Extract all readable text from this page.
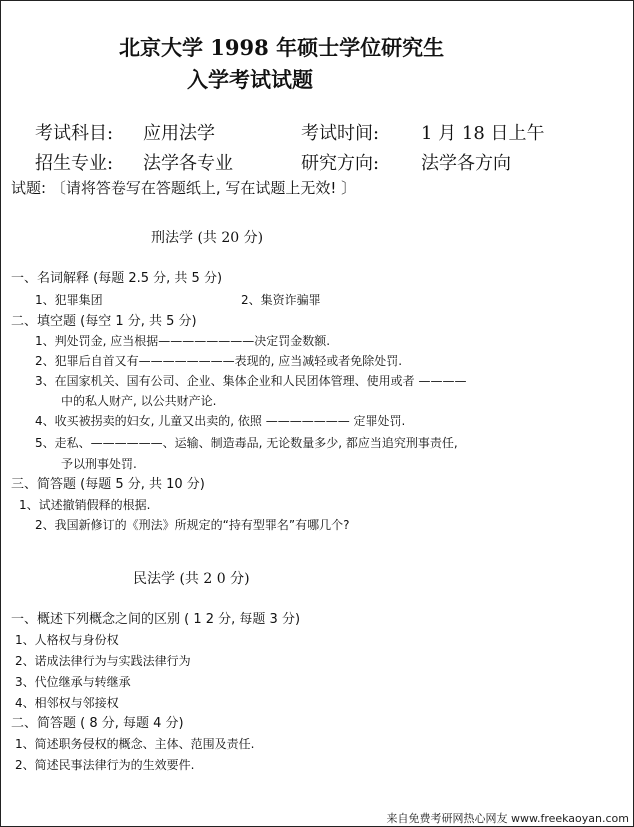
北京大学 1998 年硕士学位研究生
入学考试试题
考试科目: 应用法学	考试时间: 1 月 18 日上午
招生专业: 法学各专业	研究方向: 法学各方向
试题: 〔请将答卷写在答题纸上, 写在试题上无效! 〕
刑法学 (共 20 分)
一、名词解释 (每题 2.5 分, 共 5 分)
1、犯罪集团	2、集资诈骗罪
二、填空题 (每空 1 分, 共 5 分)
1、判处罚金, 应当根据————————决定罚金数额.
2、犯罪后自首又有————————表现的, 应当减轻或者免除处罚.
3、在国家机关、国有公司、企业、集体企业和人民团体管理、使用或者 ————
中的私人财产, 以公共财产论.
4、收买被拐卖的妇女, 儿童又出卖的, 依照 ——————— 定罪处罚.
5、走私、——————、运输、制造毒品, 无论数量多少, 都应当追究刑事责任,
予以刑事处罚.
三、简答题 (每题 5 分, 共 10 分)
1、试述撤销假释的根据.
2、我国新修订的《刑法》所规定的“持有型罪名”有哪几个?
民法学 (共 2 0 分)
一、概述下列概念之间的区别 ( 1 2 分, 每题 3 分)
1、人格权与身份权
2、诺成法律行为与实践法律行为
3、代位继承与转继承
4、相邻权与邻接权
二、简答题 ( 8 分, 每题 4 分)
1、简述职务侵权的概念、主体、范围及责任.
2、简述民事法律行为的生效要件.
来自免费考研网热心网友 www.freekaoyan.com
